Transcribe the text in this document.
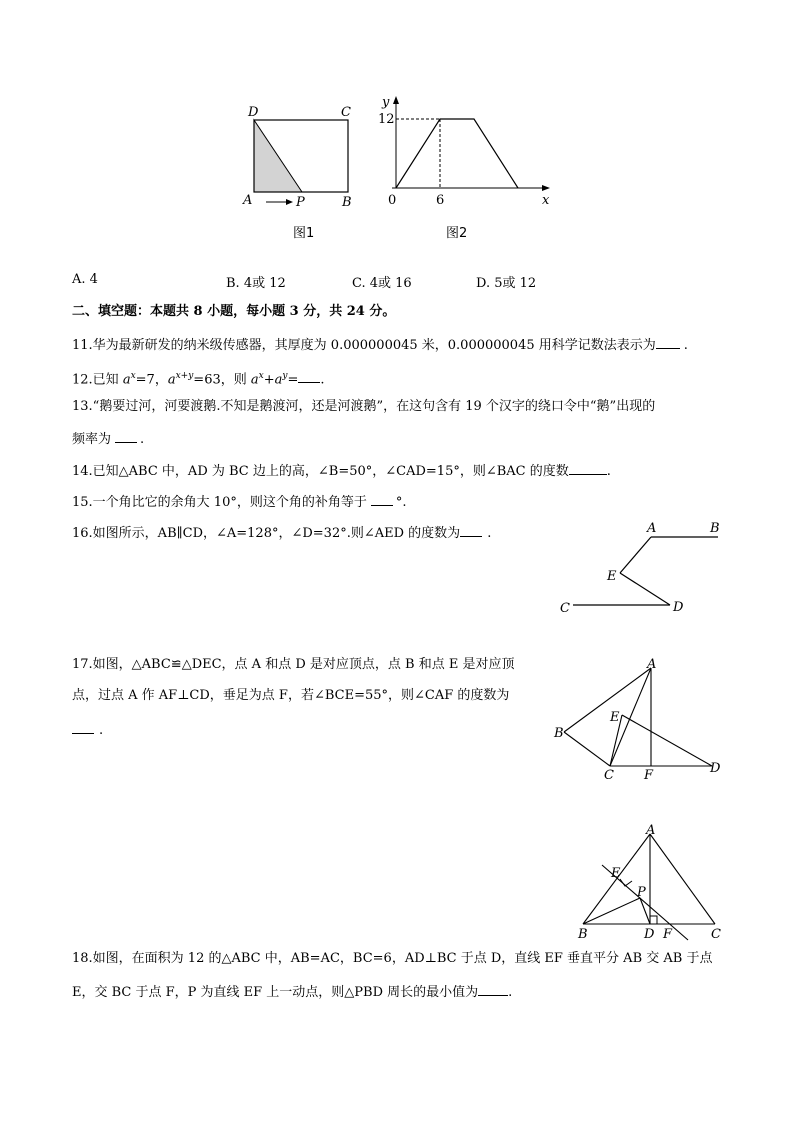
D	C
A	P	B
图1
y
12
0	6	x
图2
A. 4	B. 4或 12	C. 4或 16	D. 5或 12
二、填空题：本题共 8 小题，每小题 3 分，共 24 分。
11.华为最新研发的纳米级传感器，其厚度为 0.000000045 米，0.000000045 用科学记数法表示为 .
12.已知 $a^x=7$，$a^{x+y}=63$，则 $a^x+a^y=$ .
13.“鹅要过河，河要渡鹅.不知是鹅渡河，还是河渡鹅”，在这句含有 19 个汉字的绕口令中“鹅”出现的
频率为 .
14.已知△ABC 中，AD 为 BC 边上的高，∠B=50°，∠CAD=15°，则∠BAC 的度数	.
15.一个角比它的余角大 10°，则这个角的补角等于 °.
16.如图所示，AB∥CD，∠A=128°，∠D=32°.则∠AED 的度数为 .	A	B
E
C	D
17.如图，△ABC≌△DEC，点 A 和点 D 是对应顶点，点 B 和点 E 是对应顶
点，过点 A 作 AF⊥CD，垂足为点 F，若∠BCE=55°，则∠CAF 的度数为
.
A
E
B
C F	D
A
E
P
B	D F	C
18.如图，在面积为 12 的△ABC 中，AB=AC，BC=6，AD⊥BC 于点 D，直线 EF 垂直平分 AB 交 AB 于点
E，交 BC 于点 F，P 为直线 EF 上一动点，则△PBD 周长的最小值为 .
